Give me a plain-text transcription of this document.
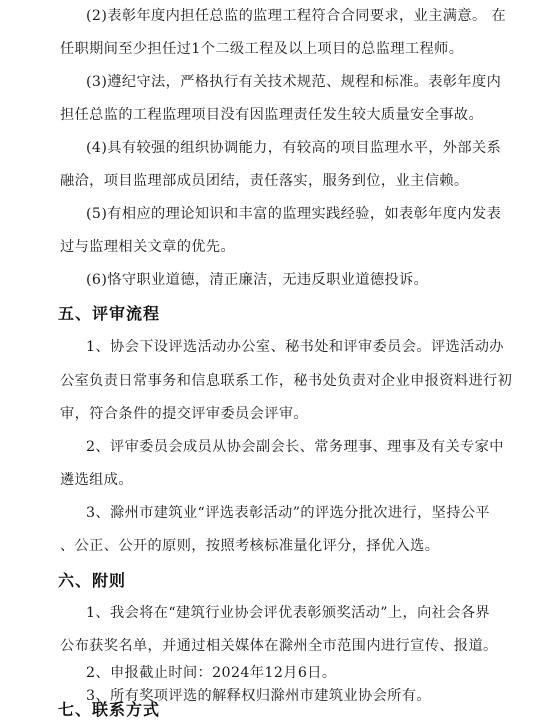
(2)表彰年度内担任总监的监理工程符合合同要求，业主满意。 在
任职期间至少担任过1个二级工程及以上项目的总监理工程师。
(3)遵纪守法，严格执行有关技术规范、规程和标准。表彰年度内
担任总监的工程监理项目没有因监理责任发生较大质量安全事故。
(4)具有较强的组织协调能力，有较高的项目监理水平，外部关系
融洽，项目监理部成员团结，责任落实，服务到位，业主信赖。
(5)有相应的理论知识和丰富的监理实践经验，如表彰年度内发表
过与监理相关文章的优先。
(6)恪守职业道德，清正廉洁，无违反职业道德投诉。
五、评审流程
1、协会下设评选活动办公室、秘书处和评审委员会。评选活动办
公室负责日常事务和信息联系工作，秘书处负责对企业申报资料进行初
审，符合条件的提交评审委员会评审。
2、评审委员会成员从协会副会长、常务理事、理事及有关专家中
遴选组成。
3、滁州市建筑业“评选表彰活动”的评选分批次进行，坚持公平
、公正、公开的原则，按照考核标准量化评分，择优入选。
六、附则
1、我会将在“建筑行业协会评优表彰颁奖活动”上，向社会各界
公布获奖名单，并通过相关媒体在滁州全市范围内进行宣传、报道。
2、申报截止时间：2024年12月6日。
3、所有奖项评选的解释权归滁州市建筑业协会所有。
七、联系方式
